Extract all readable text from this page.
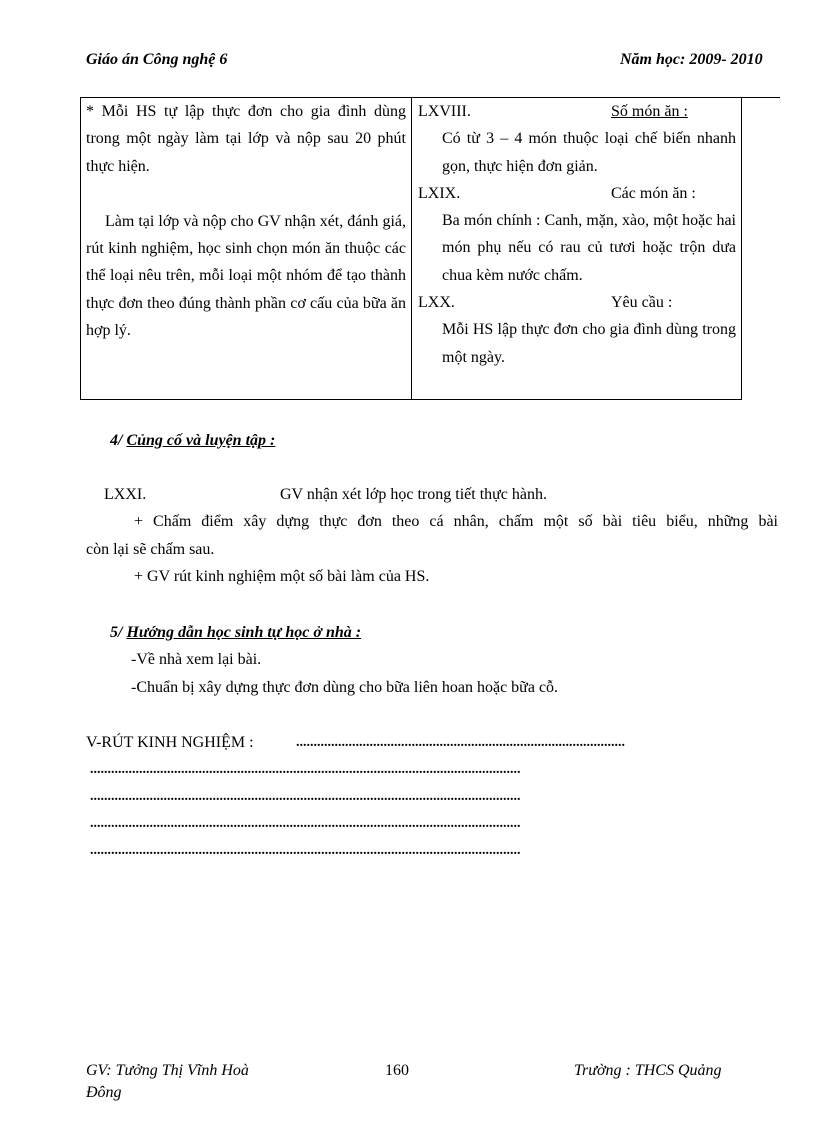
Giáo án Công nghệ 6	Năm học: 2009- 2010

* Mỗi HS tự lập thực đơn cho gia đình dùng trong một ngày làm tại lớp và nộp sau 20 phút thực hiện.

Làm tại lớp và nộp cho GV nhận xét, đánh giá, rút kinh nghiệm, học sinh chọn món ăn thuộc các thể loại nêu trên, mỗi loại một nhóm để tạo thành thực đơn theo đúng thành phần cơ cấu của bữa ăn hợp lý.

LXVIII.	Số món ăn :

Có từ 3 – 4 món thuộc loại chế biến nhanh gọn, thực hiện đơn giản.

LXIX.	Các món ăn :

Ba món chính : Canh, mặn, xào, một hoặc hai món phụ nếu có rau củ tươi hoặc trộn dưa chua kèm nước chấm.

LXX.	Yêu cầu :

Mỗi HS lập thực đơn cho gia đình dùng trong một ngày.

4/ Củng cố và luyện tập :
LXXI.	GV nhận xét lớp học trong tiết thực hành.
+ Chấm điểm xây dựng thực đơn theo cá nhân, chấm một số bài tiêu biểu, những bài
còn lại sẽ chấm sau.
+ GV rút kinh nghiệm một số bài làm của HS.
5/ Hướng dẫn học sinh tự học ở nhà :
-Về nhà xem lại bài.
-Chuẩn bị xây dựng thực đơn dùng cho bữa liên hoan hoặc bữa cỗ.
V-RÚT KINH NGHIỆM :	..............................................................................................
...........................................................................................................................
...........................................................................................................................
...........................................................................................................................
...........................................................................................................................
GV: Tưởng Thị Vĩnh Hoà
Đông
160	Trường : THCS Quảng
